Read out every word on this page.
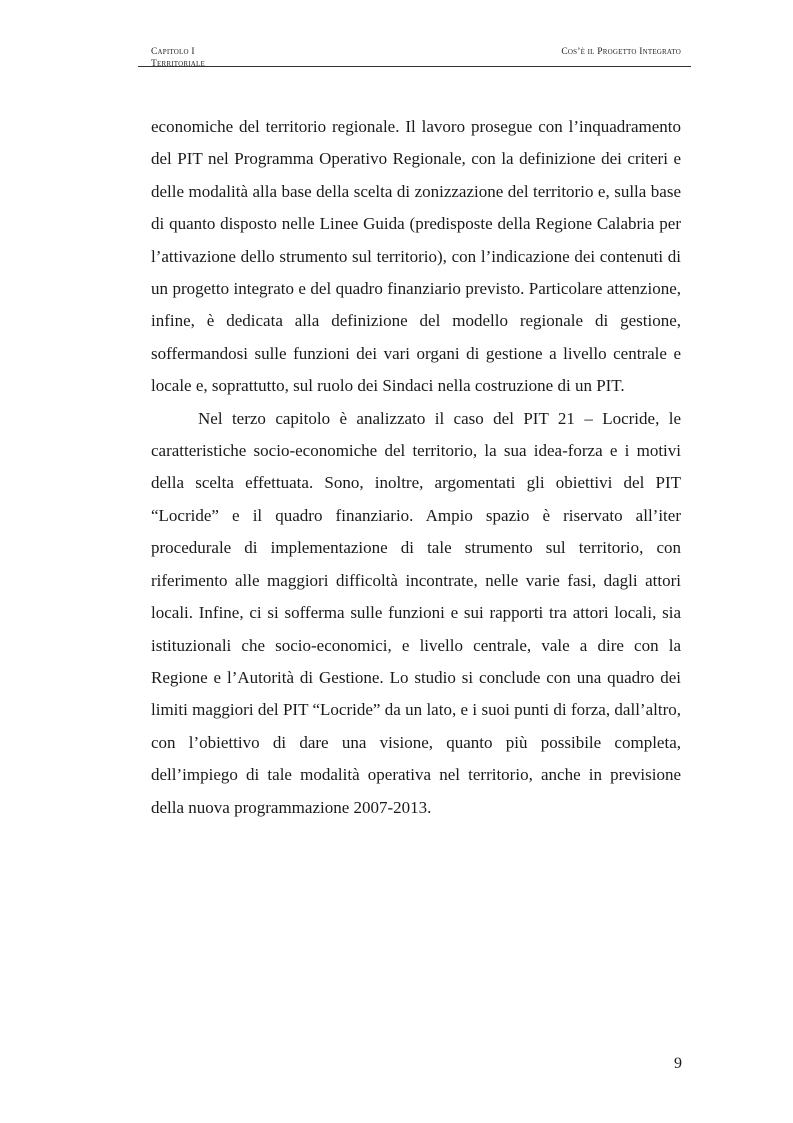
Capitolo I
Territoriale
Cos’è il Progetto Integrato

economiche del territorio regionale. Il lavoro prosegue con l’inquadramento del PIT nel Programma Operativo Regionale, con la definizione dei criteri e delle modalità alla base della scelta di zonizzazione del territorio e, sulla base di quanto disposto nelle Linee Guida (predisposte della Regione Calabria per l’attivazione dello strumento sul territorio), con l’indicazione dei contenuti di un progetto integrato e del quadro finanziario previsto. Particolare attenzione, infine, è dedicata alla definizione del modello regionale di gestione, soffermandosi sulle funzioni dei vari organi di gestione a livello centrale e locale e, soprattutto, sul ruolo dei Sindaci nella costruzione di un PIT.

Nel terzo capitolo è analizzato il caso del PIT 21 – Locride, le caratteristiche socio-economiche del territorio, la sua idea-forza e i motivi della scelta effettuata. Sono, inoltre, argomentati gli obiettivi del PIT “Locride” e il quadro finanziario. Ampio spazio è riservato all’iter procedurale di implementazione di tale strumento sul territorio, con riferimento alle maggiori difficoltà incontrate, nelle varie fasi, dagli attori locali. Infine, ci si sofferma sulle funzioni e sui rapporti tra attori locali, sia istituzionali che socio-economici, e livello centrale, vale a dire con la Regione e l’Autorità di Gestione. Lo studio si conclude con una quadro dei limiti maggiori del PIT “Locride” da un lato, e i suoi punti di forza, dall’altro, con l’obiettivo di dare una visione, quanto più possibile completa, dell’impiego di tale modalità operativa nel territorio, anche in previsione della nuova programmazione 2007-2013.

9
